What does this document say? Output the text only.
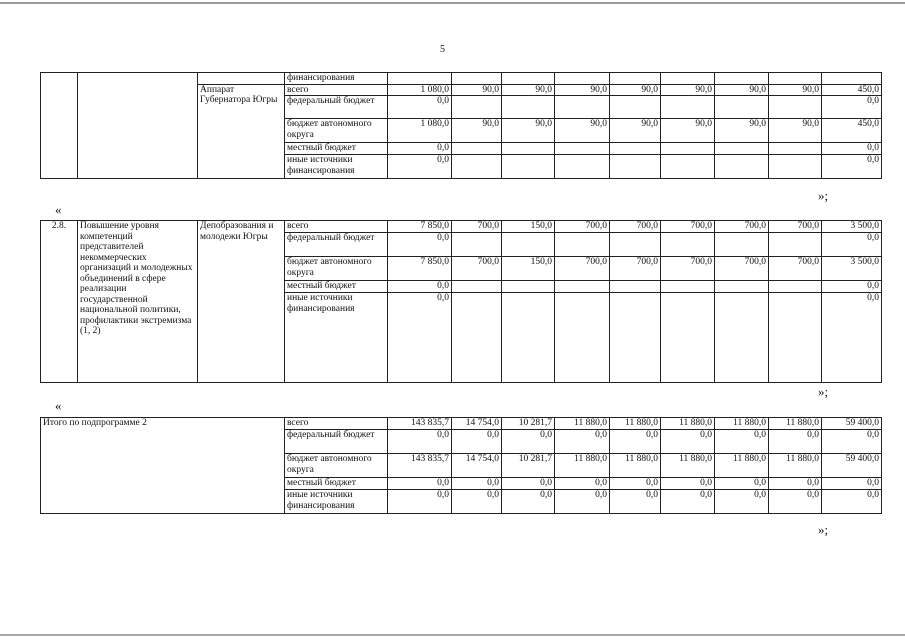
5
			финансирования									
		Аппарат Губернатора Югры	всего	1 080,0	90,0	90,0	90,0	90,0	90,0	90,0	90,0	450,0
			федеральный бюджет	0,0								0,0
			бюджет автономного округа	1 080,0	90,0	90,0	90,0	90,0	90,0	90,0	90,0	450,0
			местный бюджет	0,0								0,0
			иные источники финансирования	0,0								0,0
»;
«
2.8.	Повышение уровня компетенций представителей некоммерческих организаций и молодежных объединений в сфере реализации государственной национальной политики, профилактики экстремизма (1, 2)	Депобразования и молодежи Югры	всего	7 850,0	700,0	150,0	700,0	700,0	700,0	700,0	700,0	3 500,0
			федеральный бюджет	0,0								0,0
			бюджет автономного округа	7 850,0	700,0	150,0	700,0	700,0	700,0	700,0	700,0	3 500,0
			местный бюджет	0,0								0,0
			иные источники финансирования	0,0								0,0
»;
«
Итого по подпрограмме 2	всего	143 835,7	14 754,0	10 281,7	11 880,0	11 880,0	11 880,0	11 880,0	11 880,0	59 400,0
	федеральный бюджет	0,0	0,0	0,0	0,0	0,0	0,0	0,0	0,0	0,0
	бюджет автономного округа	143 835,7	14 754,0	10 281,7	11 880,0	11 880,0	11 880,0	11 880,0	11 880,0	59 400,0
	местный бюджет	0,0	0,0	0,0	0,0	0,0	0,0	0,0	0,0	0,0
	иные источники финансирования	0,0	0,0	0,0	0,0	0,0	0,0	0,0	0,0	0,0
»;
